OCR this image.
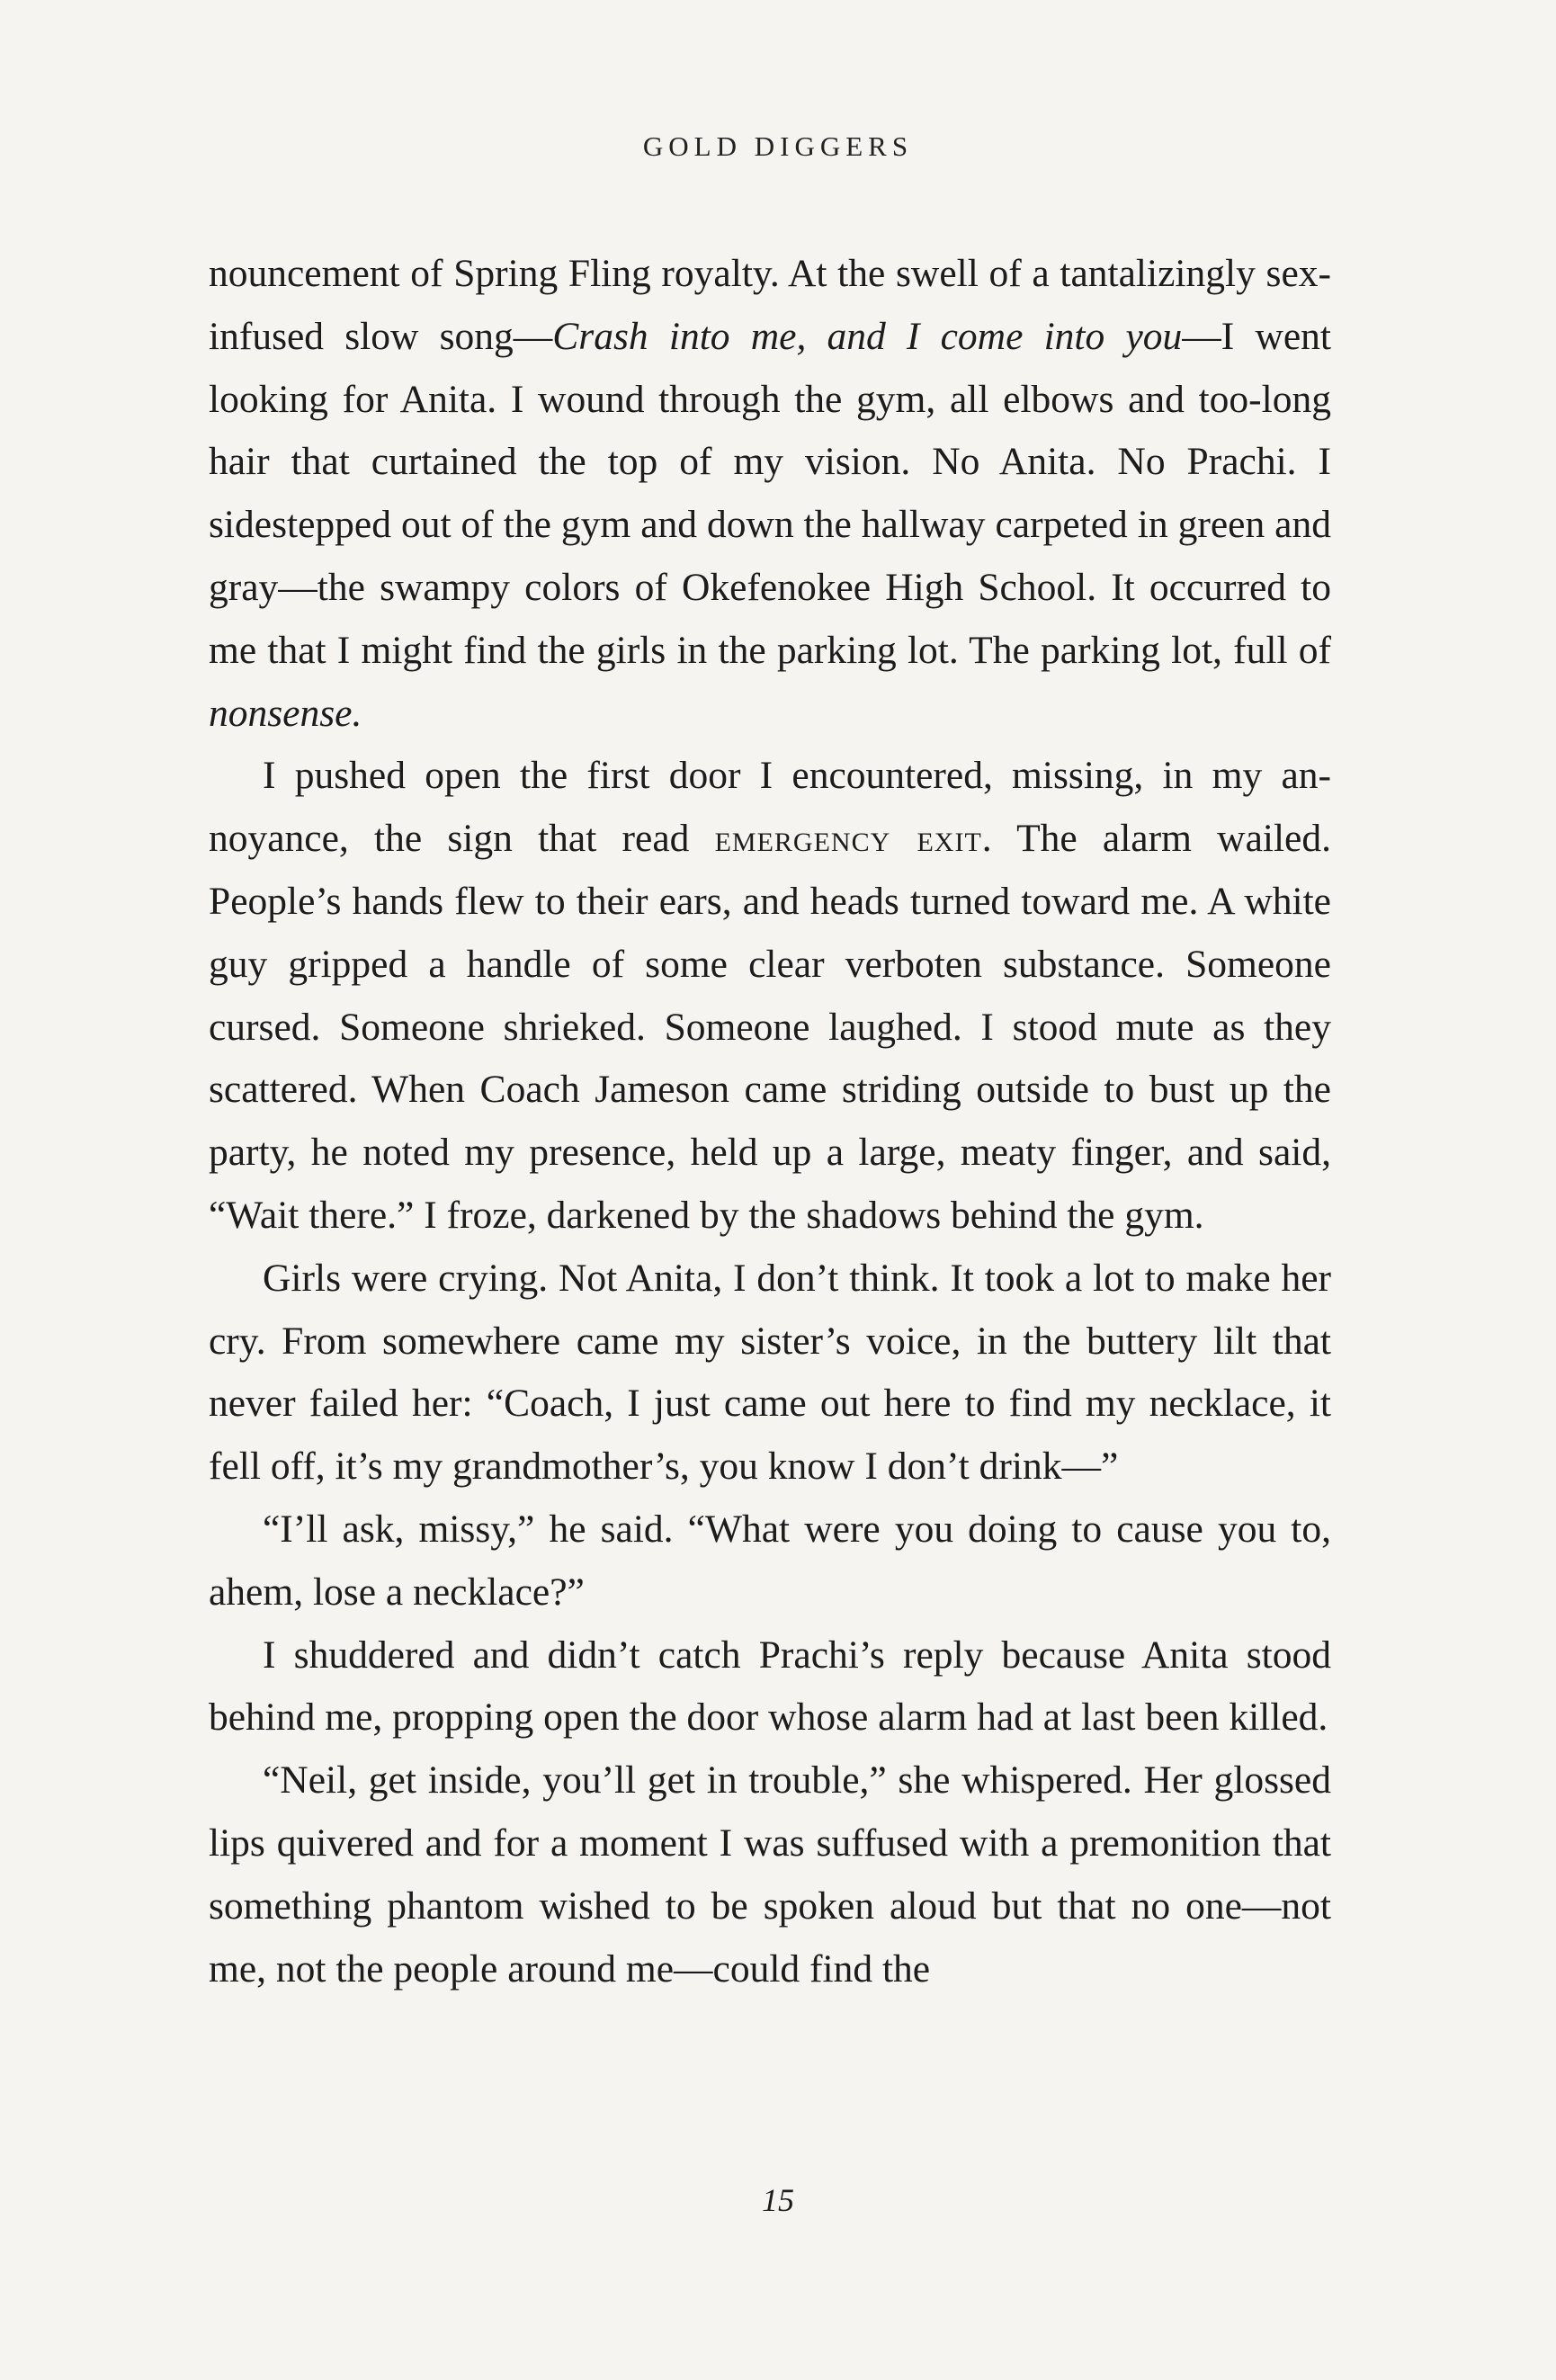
GOLD DIGGERS

nouncement of Spring Fling royalty. At the swell of a tantalizingly sex-infused slow song—Crash into me, and I come into you—I went looking for Anita. I wound through the gym, all elbows and too-long hair that curtained the top of my vision. No Anita. No Prachi. I sidestepped out of the gym and down the hallway carpeted in green and gray—the swampy colors of Okefenokee High School. It occurred to me that I might find the girls in the parking lot. The parking lot, full of nonsense.

I pushed open the first door I encountered, missing, in my annoyance, the sign that read emergency exit. The alarm wailed. People’s hands flew to their ears, and heads turned toward me. A white guy gripped a handle of some clear verboten substance. Someone cursed. Someone shrieked. Someone laughed. I stood mute as they scattered. When Coach Jameson came striding outside to bust up the party, he noted my presence, held up a large, meaty finger, and said, “Wait there.” I froze, darkened by the shadows behind the gym.

Girls were crying. Not Anita, I don’t think. It took a lot to make her cry. From somewhere came my sister’s voice, in the buttery lilt that never failed her: “Coach, I just came out here to find my necklace, it fell off, it’s my grandmother’s, you know I don’t drink—”

“I’ll ask, missy,” he said. “What were you doing to cause you to, ahem, lose a necklace?”

I shuddered and didn’t catch Prachi’s reply because Anita stood behind me, propping open the door whose alarm had at last been killed.

“Neil, get inside, you’ll get in trouble,” she whispered. Her glossed lips quivered and for a moment I was suffused with a premonition that something phantom wished to be spoken aloud but that no one—not me, not the people around me—could find the

15
